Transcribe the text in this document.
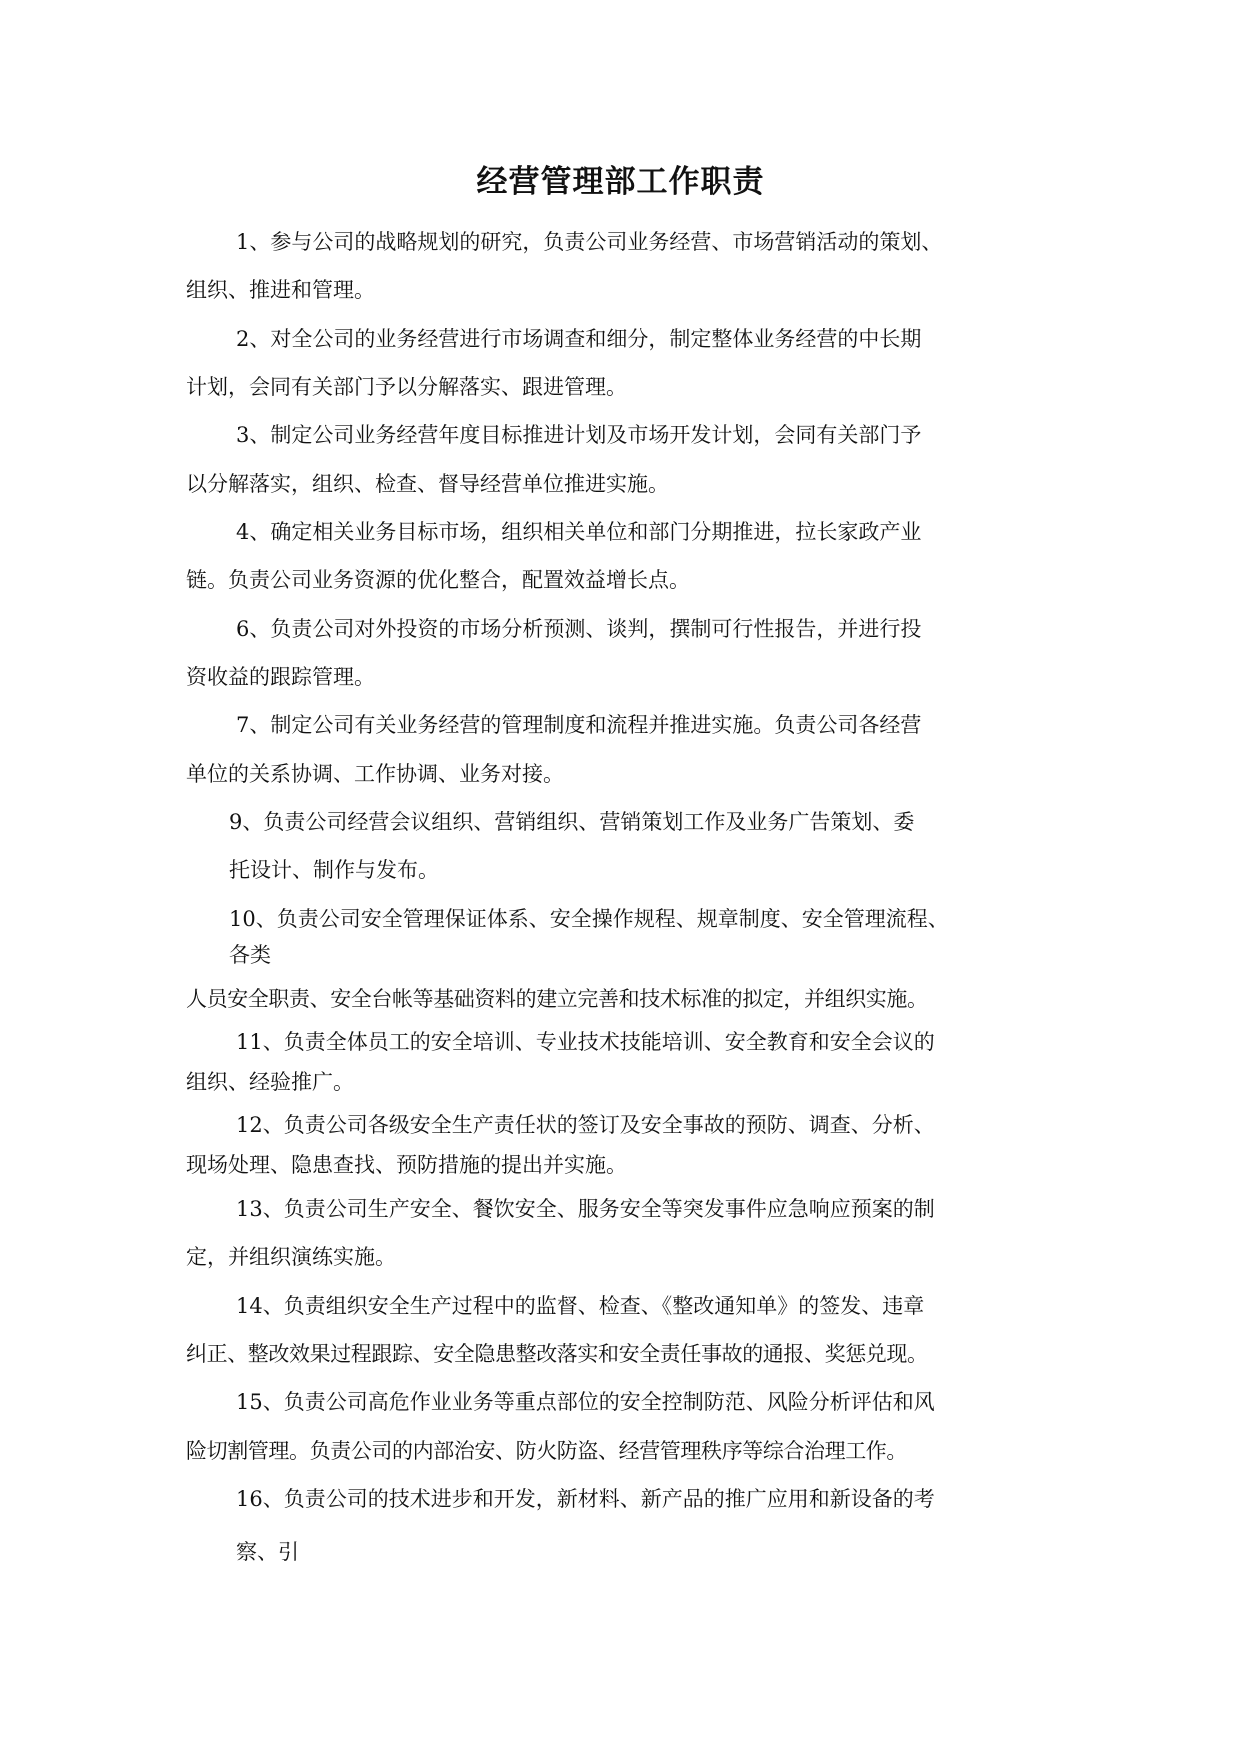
经营管理部工作职责
1、参与公司的战略规划的研究，负责公司业务经营、市场营销活动的策划、
组织、推进和管理。
2、对全公司的业务经营进行市场调查和细分，制定整体业务经营的中长期
计划，会同有关部门予以分解落实、跟进管理。
3、制定公司业务经营年度目标推进计划及市场开发计划，会同有关部门予
以分解落实，组织、检查、督导经营单位推进实施。
4、确定相关业务目标市场，组织相关单位和部门分期推进，拉长家政产业
链。负责公司业务资源的优化整合，配置效益增长点。
6、负责公司对外投资的市场分析预测、谈判，撰制可行性报告，并进行投
资收益的跟踪管理。
7、制定公司有关业务经营的管理制度和流程并推进实施。负责公司各经营
单位的关系协调、工作协调、业务对接。
9、负责公司经营会议组织、营销组织、营销策划工作及业务广告策划、委
托设计、制作与发布。
10、负责公司安全管理保证体系、安全操作规程、规章制度、安全管理流程、
各类
人员安全职责、安全台帐等基础资料的建立完善和技术标准的拟定，并组织实施。
11、负责全体员工的安全培训、专业技术技能培训、安全教育和安全会议的
组织、经验推广。
12、负责公司各级安全生产责任状的签订及安全事故的预防、调查、分析、
现场处理、隐患查找、预防措施的提出并实施。
13、负责公司生产安全、餐饮安全、服务安全等突发事件应急响应预案的制
定，并组织演练实施。
14、负责组织安全生产过程中的监督、检查、《整改通知单》的签发、违章
纠正、整改效果过程跟踪、安全隐患整改落实和安全责任事故的通报、奖惩兑现。
15、负责公司高危作业业务等重点部位的安全控制防范、风险分析评估和风
险切割管理。负责公司的内部治安、防火防盗、经营管理秩序等综合治理工作。
16、负责公司的技术进步和开发，新材料、新产品的推广应用和新设备的考
察、引
